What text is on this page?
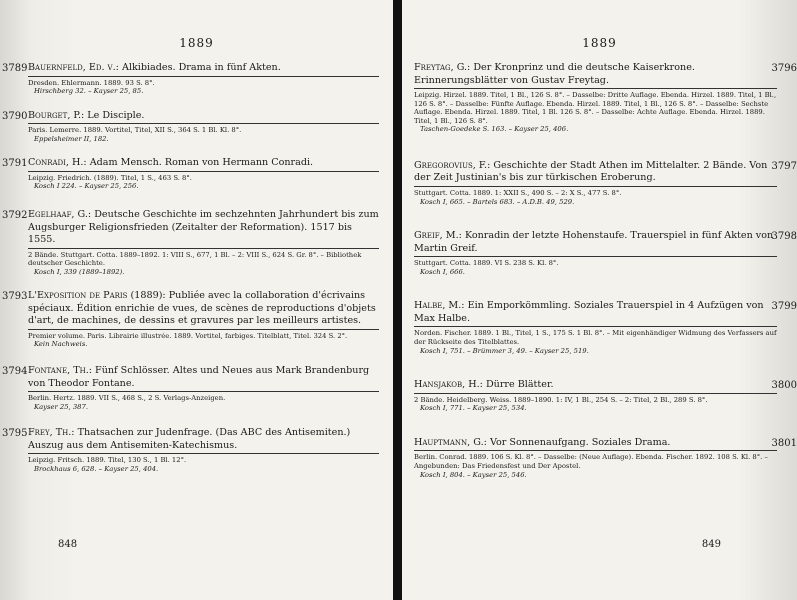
1889
3789 Bauernfeld, Ed. v.: Alkibiades. Drama in fünf Akten.

Dresden. Ehlermann. 1889. 93 S. 8°.
Hirschberg 32. – Kayser 25, 85.

3790 Bourget, P.: Le Disciple.

Paris. Lemerre. 1889. Vortitel, Titel, XII S., 364 S. 1 Bl. Kl. 8°.
Eppelsheimer II, 182.

3791 Conradi, H.: Adam Mensch. Roman von Hermann Conradi.

Leipzig. Friedrich. (1889). Titel, 1 S., 463 S. 8°.
Kosch I 224. – Kayser 25, 256.

3792 Egelhaaf, G.: Deutsche Geschichte im sechzehnten Jahrhundert bis zum Augsburger Religionsfrieden (Zeitalter der Reformation). 1517 bis 1555.

2 Bände. Stuttgart. Cotta. 1889–1892. 1: VIII S., 677, 1 Bl. – 2: VIII S., 624 S. Gr. 8°. – Bibliothek deutscher Geschichte.
Kosch I, 339 (1889–1892).

3793 L'Exposition de Paris (1889): Publiée avec la collaboration d'écrivains spéciaux. Édition enrichie de vues, de scènes de reproductions d'objets d'art, de machines, de dessins et gravures par les meilleurs artistes.

Premier volume. Paris. Librairie illustrée. 1889. Vortitel, farbiges. Titelblatt, Titel. 324 S. 2°.
Kein Nachweis.

3794 Fontane, Th.: Fünf Schlösser. Altes und Neues aus Mark Brandenburg von Theodor Fontane.

Berlin. Hertz. 1889. VII S., 468 S., 2 S. Verlags-Anzeigen.
Kayser 25, 387.

3795 Frey, Th.: Thatsachen zur Judenfrage. (Das ABC des Antisemiten.) Auszug aus dem Antisemiten-Katechismus.

Leipzig. Fritsch. 1889. Titel, 130 S., 1 Bl. 12°.
Brockhaus 6, 628. – Kayser 25, 404.

848
1889
3796

Freytag, G.: Der Kronprinz und die deutsche Kaiserkrone. Erinnerungsblätter von Gustav Freytag.

Leipzig. Hirzel. 1889. Titel, 1 Bl., 126 S. 8°. – Dasselbe: Dritte Auflage. Ebenda. Hirzel. 1889. Titel, 1 Bl., 126 S. 8°. – Dasselbe: Fünfte Auflage. Ebenda. Hirzel. 1889. Titel, 1 Bl., 126 S. 8°. – Dasselbe: Sechste Auflage. Ebenda. Hirzel. 1889. Titel, 1 Bl. 126 S. 8°. – Dasselbe: Achte Auflage. Ebenda. Hirzel. 1889. Titel, 1 Bl., 126 S. 8°.
Taschen-Goedeke S. 163. – Kayser 25, 406.

3797

Gregorovius, F.: Geschichte der Stadt Athen im Mittelalter. 2 Bände. Von der Zeit Justinian's bis zur türkischen Eroberung.

Stuttgart. Cotta. 1889. 1: XXII S., 490 S. – 2: X S., 477 S. 8°.
Kosch I, 665. – Bartels 683. – A.D.B. 49, 529.

3798

Greif, M.: Konradin der letzte Hohenstaufe. Trauerspiel in fünf Akten von Martin Greif.

Stuttgart. Cotta. 1889. VI S. 238 S. Kl. 8°.
Kosch I, 666.

3799

Halbe, M.: Ein Emporkömmling. Soziales Trauerspiel in 4 Aufzügen von Max Halbe.

Norden. Fischer. 1889. 1 Bl., Titel, 1 S., 175 S. 1 Bl. 8°. – Mit eigenhändiger Widmung des Verfassers auf der Rückseite des Titelblattes.
Kosch I, 751. – Brümmer 3, 49. – Kayser 25, 519.

3800

Hansjakob, H.: Dürre Blätter.

2 Bände. Heidelberg. Weiss. 1889–1890. 1: IV, 1 Bl., 254 S. – 2: Titel, 2 Bl., 289 S. 8°.
Kosch I, 771. – Kayser 25, 534.

3801

Hauptmann, G.: Vor Sonnenaufgang. Soziales Drama.

Berlin. Conrad. 1889. 106 S. Kl. 8°. – Dasselbe: (Neue Auflage). Ebenda. Fischer. 1892. 108 S. Kl. 8°. – Angebunden: Das Friedensfest und Der Apostel.
Kosch I, 804. – Kayser 25, 546.

849
